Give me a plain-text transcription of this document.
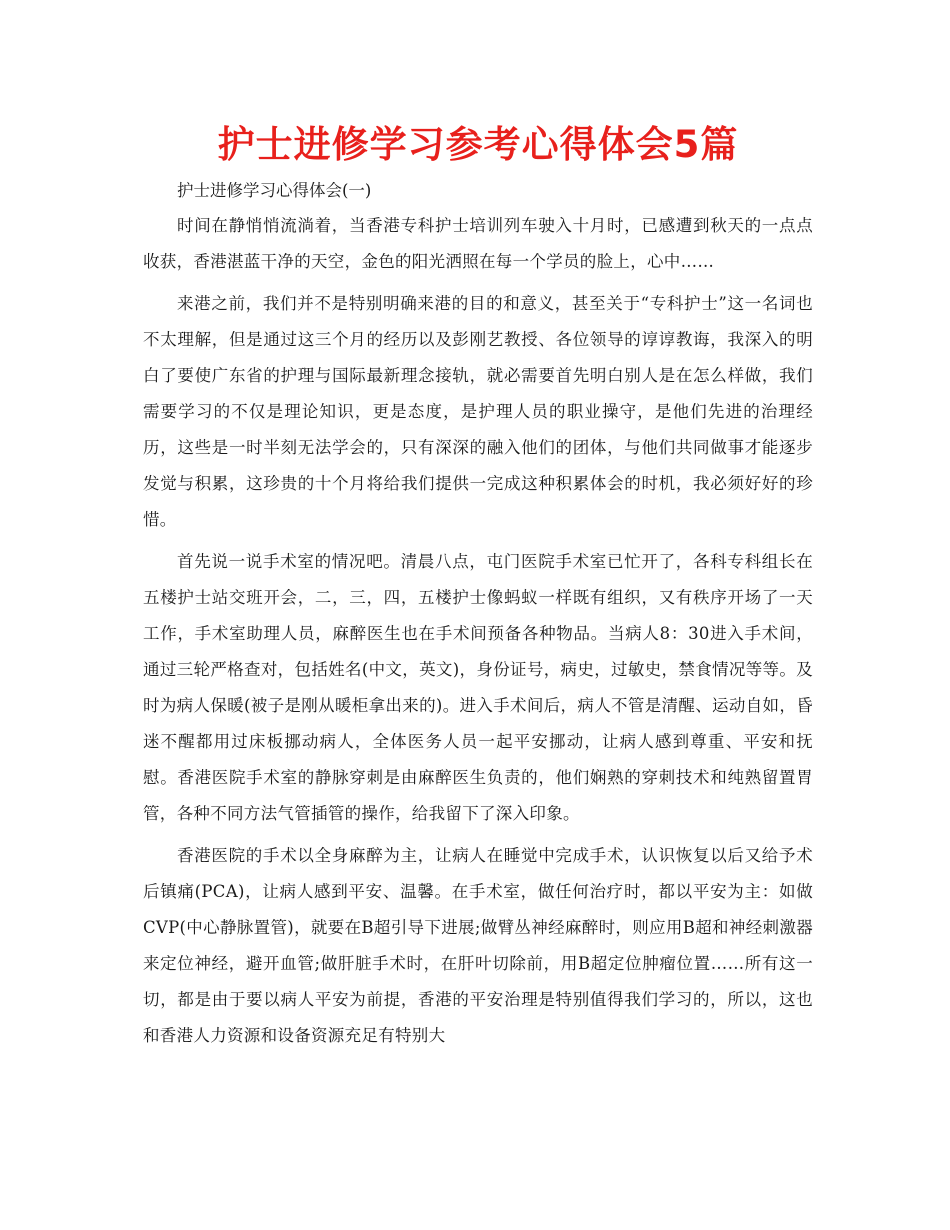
护士进修学习参考心得体会5篇

护士进修学习心得体会(一)

时间在静悄悄流淌着，当香港专科护士培训列车驶入十月时，已感遭到秋天的一点点收获，香港湛蓝干净的天空，金色的阳光洒照在每一个学员的脸上，心中……

来港之前，我们并不是特别明确来港的目的和意义，甚至关于“专科护士”这一名词也不太理解，但是通过这三个月的经历以及彭刚艺教授、各位领导的谆谆教诲，我深入的明白了要使广东省的护理与国际最新理念接轨，就必需要首先明白别人是在怎么样做，我们需要学习的不仅是理论知识，更是态度，是护理人员的职业操守，是他们先进的治理经历，这些是一时半刻无法学会的，只有深深的融入他们的团体，与他们共同做事才能逐步发觉与积累，这珍贵的十个月将给我们提供一完成这种积累体会的时机，我必须好好的珍惜。

首先说一说手术室的情况吧。清晨八点，屯门医院手术室已忙开了，各科专科组长在五楼护士站交班开会，二，三，四，五楼护士像蚂蚁一样既有组织，又有秩序开场了一天工作，手术室助理人员，麻醉医生也在手术间预备各种物品。当病人8：30进入手术间，通过三轮严格查对，包括姓名(中文，英文)，身份证号，病史，过敏史，禁食情况等等。及时为病人保暖(被子是刚从暖柜拿出来的)。进入手术间后，病人不管是清醒、运动自如，昏迷不醒都用过床板挪动病人，全体医务人员一起平安挪动，让病人感到尊重、平安和抚慰。香港医院手术室的静脉穿刺是由麻醉医生负责的，他们娴熟的穿刺技术和纯熟留置胃管，各种不同方法气管插管的操作，给我留下了深入印象。

香港医院的手术以全身麻醉为主，让病人在睡觉中完成手术，认识恢复以后又给予术后镇痛(PCA)，让病人感到平安、温馨。在手术室，做任何治疗时，都以平安为主：如做CVP(中心静脉置管)，就要在B超引导下进展;做臂丛神经麻醉时，则应用B超和神经刺激器来定位神经，避开血管;做肝脏手术时，在肝叶切除前，用B超定位肿瘤位置……所有这一切，都是由于要以病人平安为前提，香港的平安治理是特别值得我们学习的，所以，这也和香港人力资源和设备资源充足有特别大
